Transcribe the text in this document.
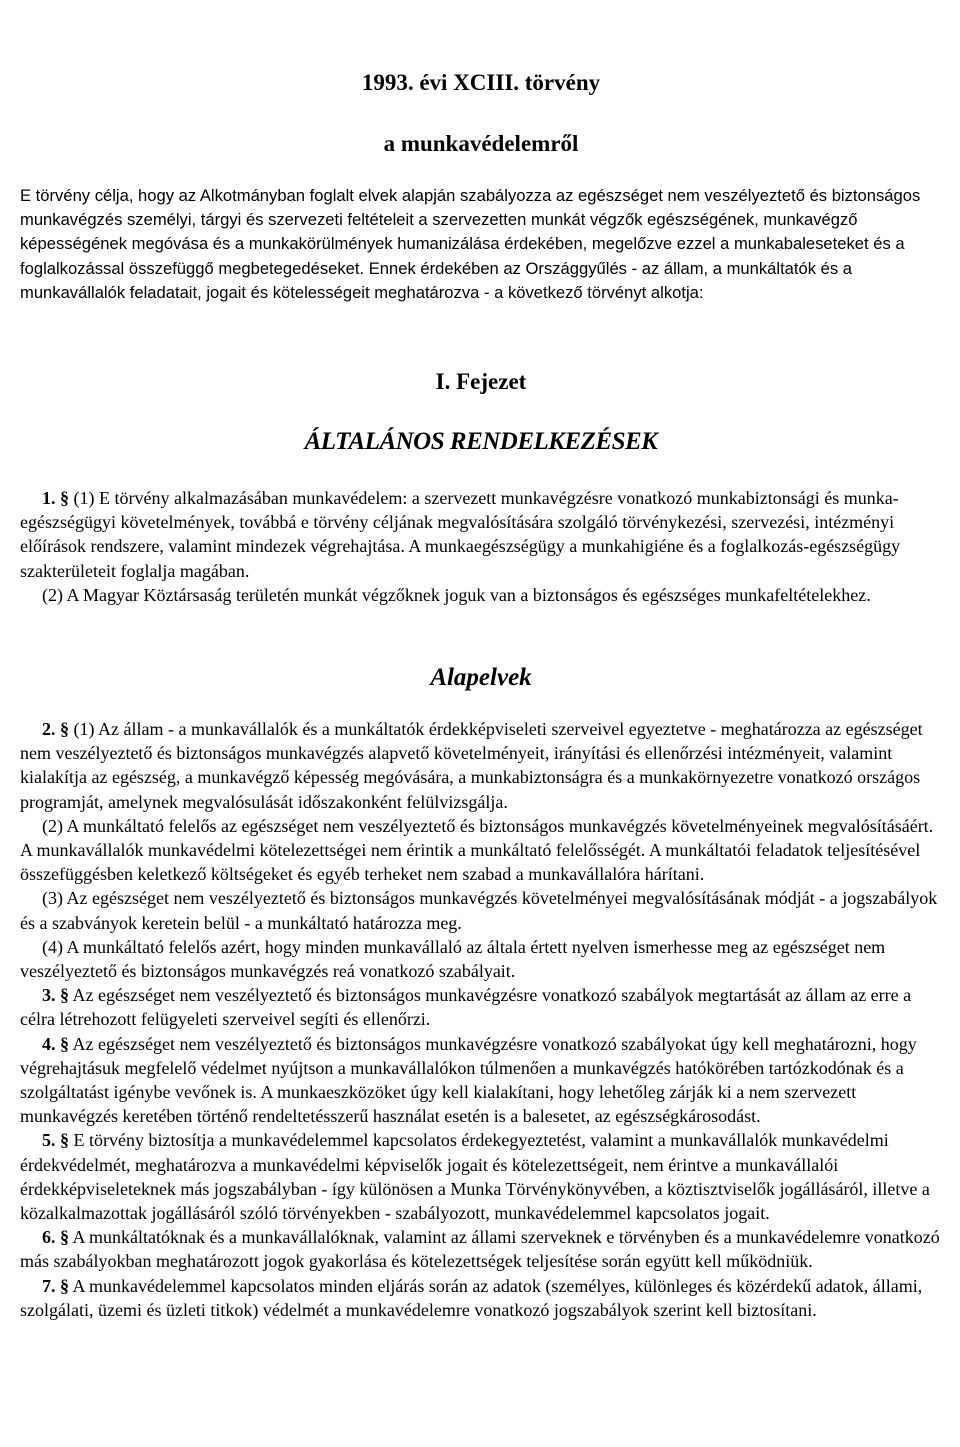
1993. évi XCIII. törvény
a munkavédelemről

E törvény célja, hogy az Alkotmányban foglalt elvek alapján szabályozza az egészséget nem veszélyeztető és biztonságos munkavégzés személyi, tárgyi és szervezeti feltételeit a szervezetten munkát végzők egészségének, munkavégző képességének megóvása és a munkakörülmények humanizálása érdekében, megelőzve ezzel a munkabaleseteket és a foglalkozással összefüggő megbetegedéseket. Ennek érdekében az Országgyűlés - az állam, a munkáltatók és a munkavállalók feladatait, jogait és kötelességeit meghatározva - a következő törvényt alkotja:

I. Fejezet
ÁLTALÁNOS RENDELKEZÉSEK

1. § (1) E törvény alkalmazásában munkavédelem: a szervezett munkavégzésre vonatkozó munkabiztonsági és munka-egészségügyi követelmények, továbbá e törvény céljának megvalósítására szolgáló törvénykezési, szervezési, intézményi előírások rendszere, valamint mindezek végrehajtása. A munkaegészségügy a munkahigiéne és a foglalkozás-egészségügy szakterületeit foglalja magában.

(2) A Magyar Köztársaság területén munkát végzőknek joguk van a biztonságos és egészséges munkafeltételekhez.

Alapelvek

2. § (1) Az állam - a munkavállalók és a munkáltatók érdekképviseleti szerveivel egyeztetve - meghatározza az egészséget nem veszélyeztető és biztonságos munkavégzés alapvető követelményeit, irányítási és ellenőrzési intézményeit, valamint kialakítja az egészség, a munkavégző képesség megóvására, a munkabiztonságra és a munkakörnyezetre vonatkozó országos programját, amelynek megvalósulását időszakonként felülvizsgálja.

(2) A munkáltató felelős az egészséget nem veszélyeztető és biztonságos munkavégzés követelményeinek megvalósításáért. A munkavállalók munkavédelmi kötelezettségei nem érintik a munkáltató felelősségét. A munkáltatói feladatok teljesítésével összefüggésben keletkező költségeket és egyéb terheket nem szabad a munkavállalóra hárítani.

(3) Az egészséget nem veszélyeztető és biztonságos munkavégzés követelményei megvalósításának módját - a jogszabályok és a szabványok keretein belül - a munkáltató határozza meg.

(4) A munkáltató felelős azért, hogy minden munkavállaló az általa értett nyelven ismerhesse meg az egészséget nem veszélyeztető és biztonságos munkavégzés reá vonatkozó szabályait.

3. § Az egészséget nem veszélyeztető és biztonságos munkavégzésre vonatkozó szabályok megtartását az állam az erre a célra létrehozott felügyeleti szerveivel segíti és ellenőrzi.

4. § Az egészséget nem veszélyeztető és biztonságos munkavégzésre vonatkozó szabályokat úgy kell meghatározni, hogy végrehajtásuk megfelelő védelmet nyújtson a munkavállalókon túlmenően a munkavégzés hatókörében tartózkodónak és a szolgáltatást igénybe vevőnek is. A munkaeszközöket úgy kell kialakítani, hogy lehetőleg zárják ki a nem szervezett munkavégzés keretében történő rendeltetésszerű használat esetén is a balesetet, az egészségkárosodást.

5. § E törvény biztosítja a munkavédelemmel kapcsolatos érdekegyeztetést, valamint a munkavállalók munkavédelmi érdekvédelmét, meghatározva a munkavédelmi képviselők jogait és kötelezettségeit, nem érintve a munkavállalói érdekképviseleteknek más jogszabályban - így különösen a Munka Törvénykönyvében, a köztisztviselők jogállásáról, illetve a közalkalmazottak jogállásáról szóló törvényekben - szabályozott, munkavédelemmel kapcsolatos jogait.

6. § A munkáltatóknak és a munkavállalóknak, valamint az állami szerveknek e törvényben és a munkavédelemre vonatkozó más szabályokban meghatározott jogok gyakorlása és kötelezettségek teljesítése során együtt kell működniük.

7. § A munkavédelemmel kapcsolatos minden eljárás során az adatok (személyes, különleges és közérdekű adatok, állami, szolgálati, üzemi és üzleti titkok) védelmét a munkavédelemre vonatkozó jogszabályok szerint kell biztosítani.
